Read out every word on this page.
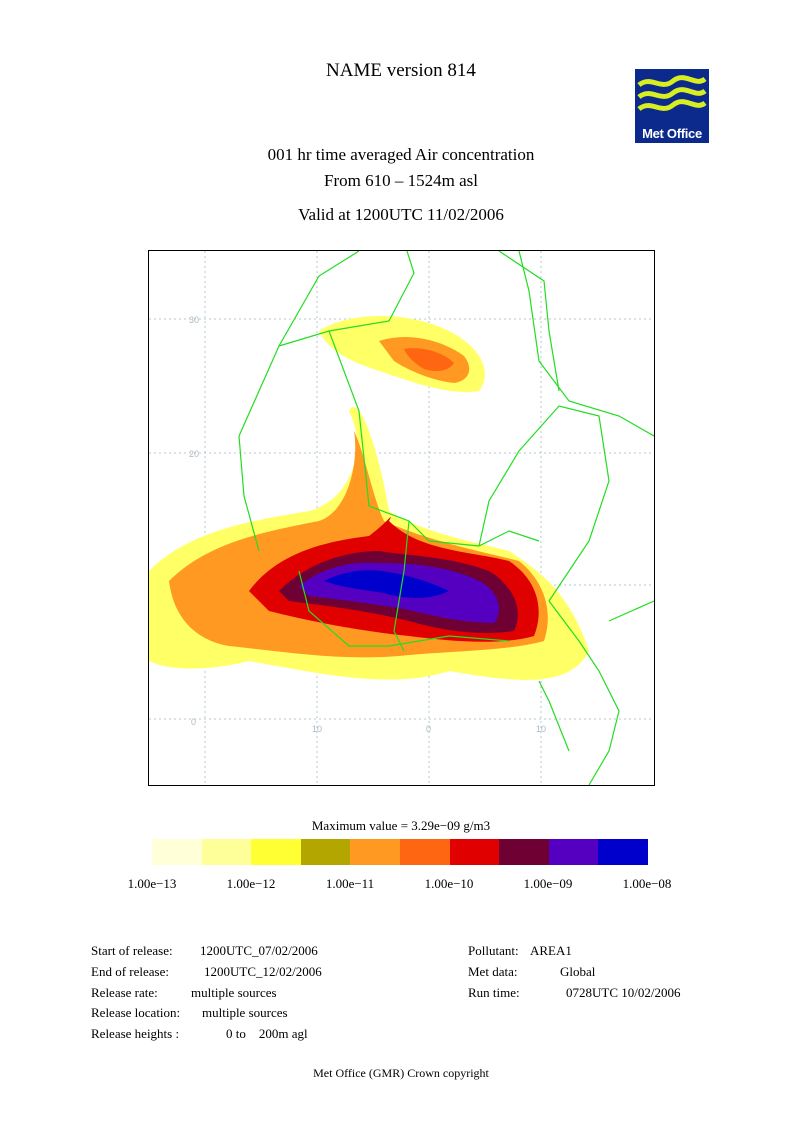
NAME version 814
Met Office
001 hr time averaged Air concentration
From 610 – 1524m asl
Valid at 1200UTC 11/02/2006
30
20
0
10	0	10
Maximum value = 3.29e−09 g/m3
1.00e−13	1.00e−12	1.00e−11	1.00e−10	1.00e−09	1.00e−08
Start of release: 1200UTC_07/02/2006
End of release:	1200UTC_12/02/2006
Release rate:	multiple sources
Release location: multiple sources
Release heights :	0 to    200m agl
Pollutant: AREA1
Met data:	Global
Run time:	0728UTC 10/02/2006
Met Office (GMR) Crown copyright
